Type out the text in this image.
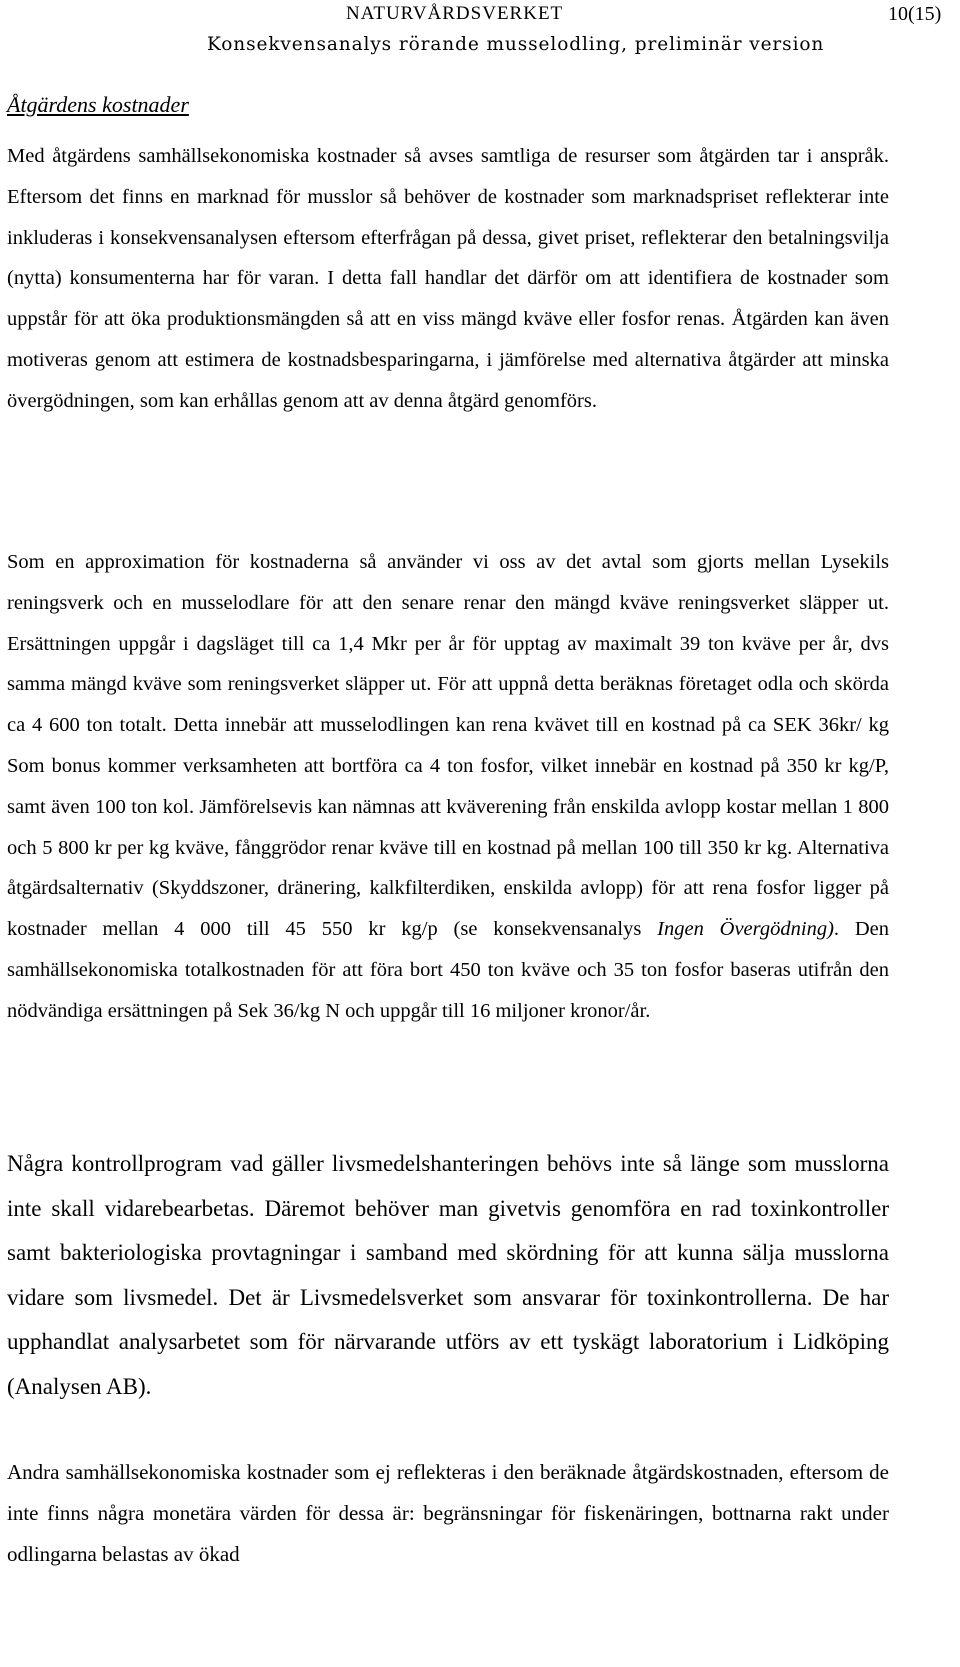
NATURVÅRDSVERKET	10(15)
Konsekvensanalys rörande musselodling, preliminär version
Åtgärdens kostnader

Med åtgärdens samhällsekonomiska kostnader så avses samtliga de resurser som åtgärden tar i anspråk. Eftersom det finns en marknad för musslor så behöver de kostnader som marknadspriset reflekterar inte inkluderas i konsekvensanalysen eftersom efterfrågan på dessa, givet priset, reflekterar den betalningsvilja (nytta) konsumenterna har för varan. I detta fall handlar det därför om att identifiera de kostnader som uppstår för att öka produktionsmängden så att en viss mängd kväve eller fosfor renas. Åtgärden kan även motiveras genom att estimera de kostnadsbesparingarna, i jämförelse med alternativa åtgärder att minska övergödningen, som kan erhållas genom att av denna åtgärd genomförs.

Som en approximation för kostnaderna så använder vi oss av det avtal som gjorts mellan Lysekils reningsverk och en musselodlare för att den senare renar den mängd kväve reningsverket släpper ut. Ersättningen uppgår i dagsläget till ca 1,4 Mkr per år för upptag av maximalt 39 ton kväve per år, dvs samma mängd kväve som reningsverket släpper ut. För att uppnå detta beräknas företaget odla och skörda ca 4 600 ton totalt. Detta innebär att musselodlingen kan rena kvävet till en kostnad på ca SEK 36kr/ kg Som bonus kommer verksamheten att bortföra ca 4 ton fosfor, vilket innebär en kostnad på 350 kr kg/P, samt även 100 ton kol. Jämförelsevis kan nämnas att kväverening från enskilda avlopp kostar mellan 1 800 och 5 800 kr per kg kväve, fånggrödor renar kväve till en kostnad på mellan 100 till 350 kr kg. Alternativa åtgärdsalternativ (Skyddszoner, dränering, kalkfilterdiken, enskilda avlopp) för att rena fosfor ligger på kostnader mellan 4 000 till 45 550 kr kg/p (se konsekvensanalys Ingen Övergödning). Den samhällsekonomiska totalkostnaden för att föra bort 450 ton kväve och 35 ton fosfor baseras utifrån den nödvändiga ersättningen på Sek 36/kg N och uppgår till 16 miljoner kronor/år.

Några kontrollprogram vad gäller livsmedelshanteringen behövs inte så länge som musslorna inte skall vidarebearbetas. Däremot behöver man givetvis genomföra en rad toxinkontroller samt bakteriologiska provtagningar i samband med skördning för att kunna sälja musslorna vidare som livsmedel. Det är Livsmedelsverket som ansvarar för toxinkontrollerna. De har upphandlat analysarbetet som för närvarande utförs av ett tyskägt laboratorium i Lidköping (Analysen AB).

Andra samhällsekonomiska kostnader som ej reflekteras i den beräknade åtgärdskostnaden, eftersom de inte finns några monetära värden för dessa är: begränsningar för fiskenäringen, bottnarna rakt under odlingarna belastas av ökad
